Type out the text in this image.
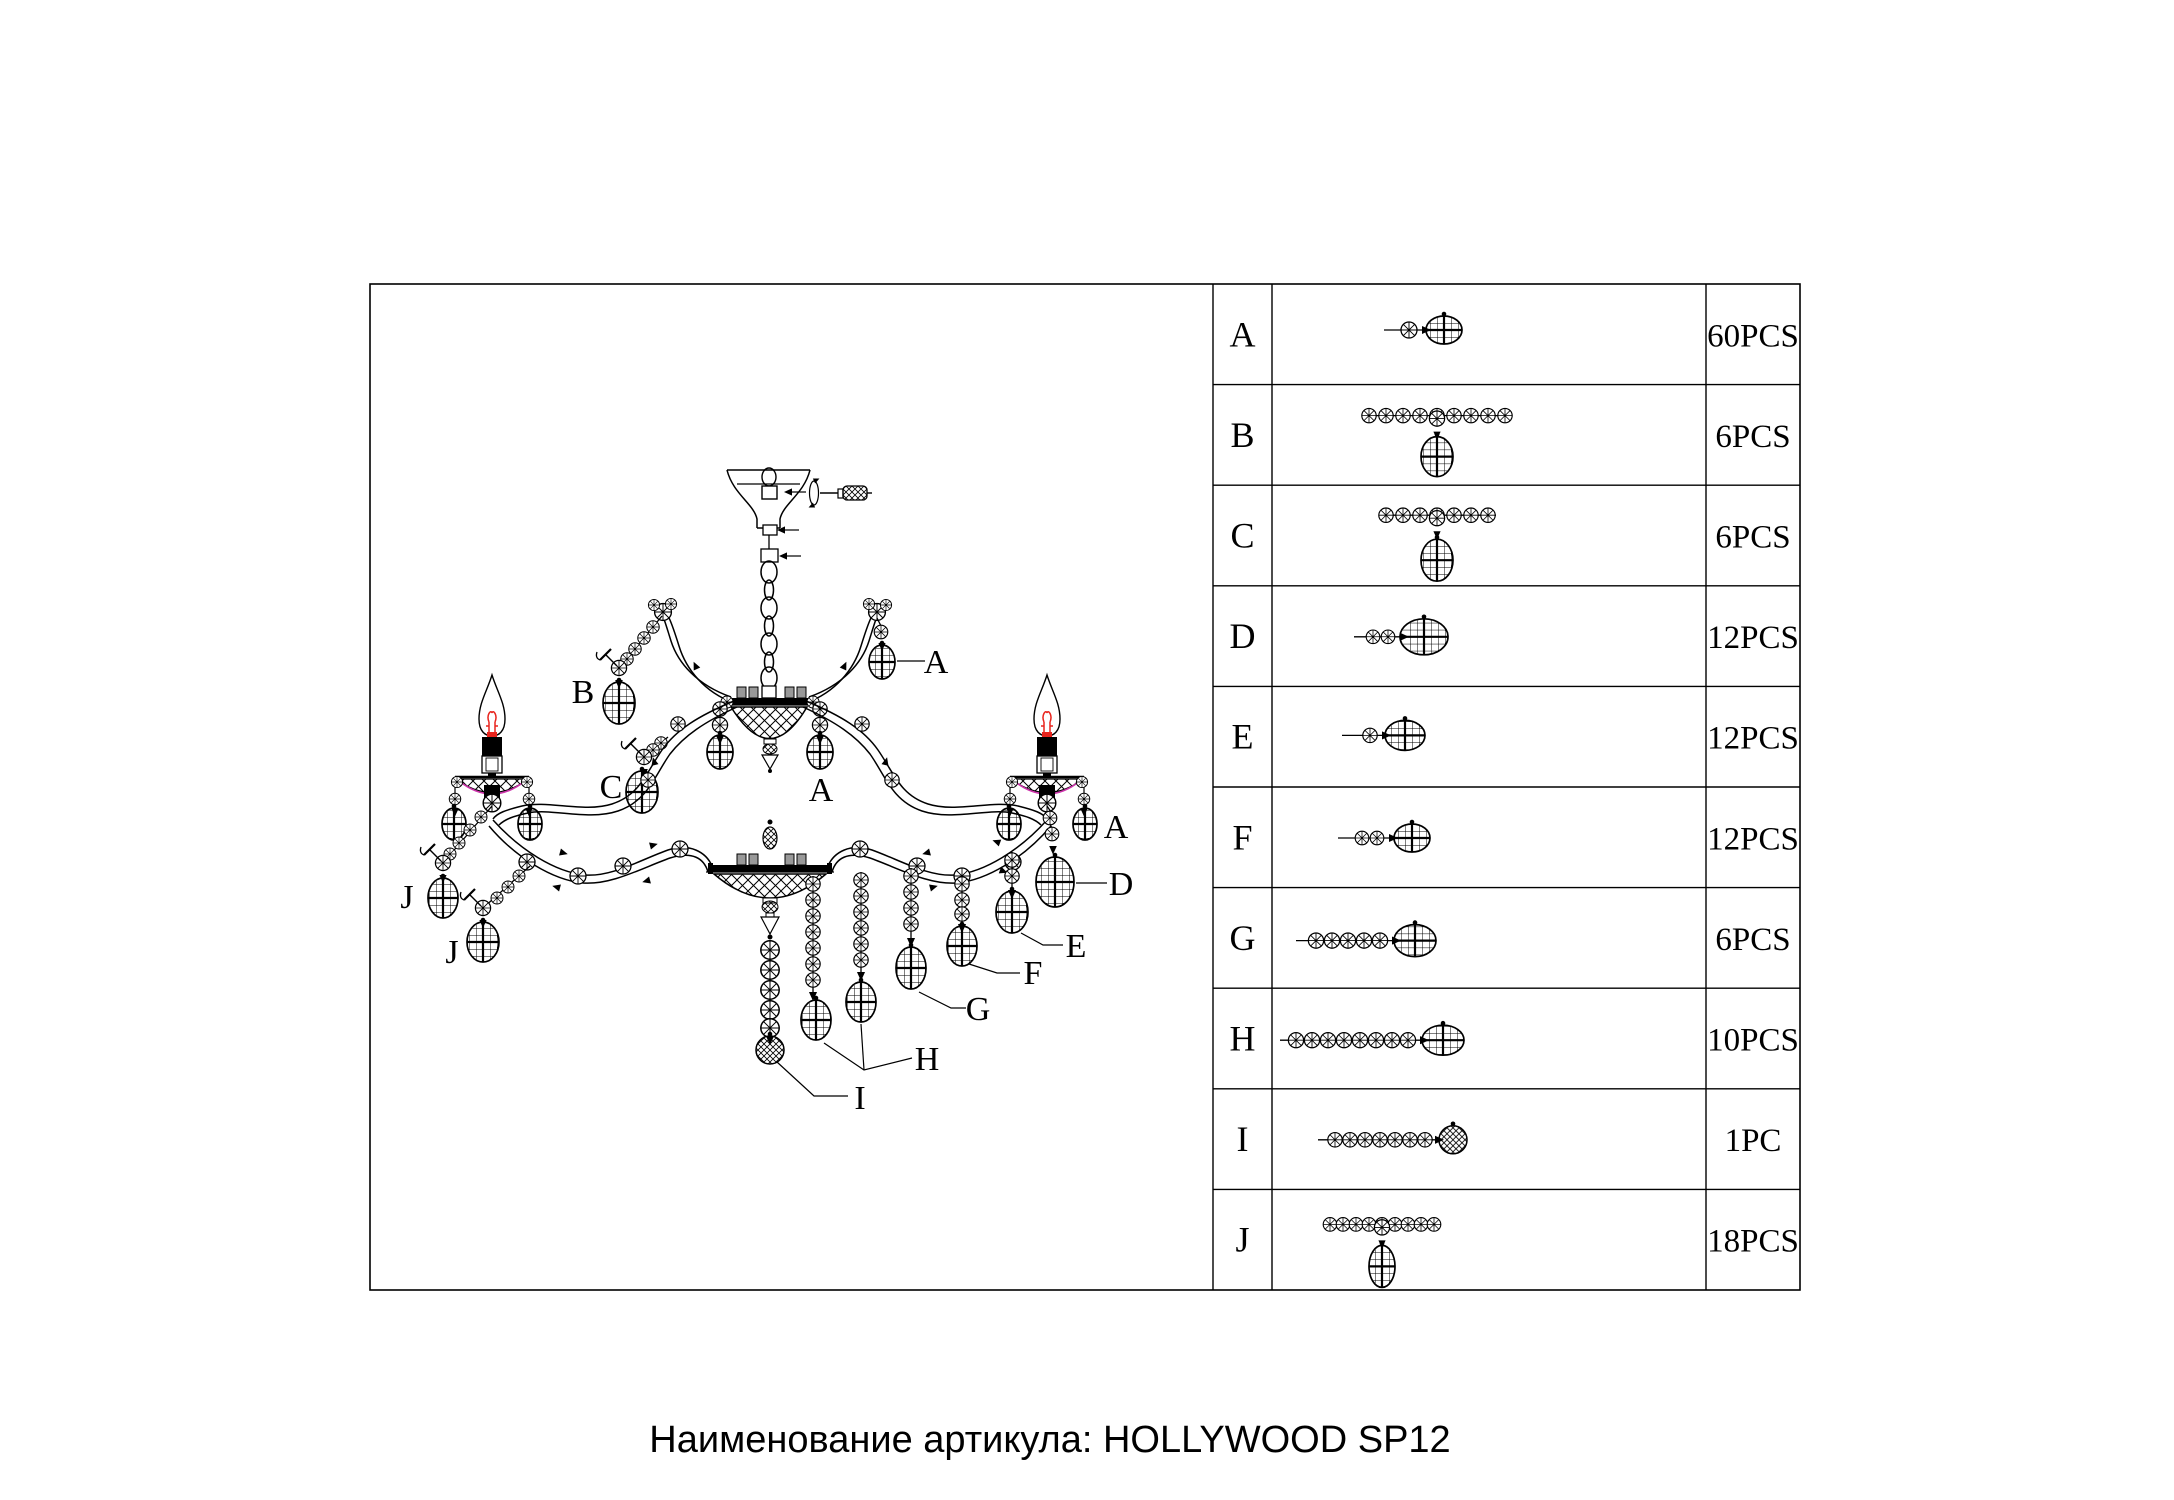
A	60PCS
B	6PCS
C	6PCS
D	12PCS
E	12PCS
F	12PCS
G	6PCS
H	10PCS
I	1PC
J	18PCS
A
A
A
B
C
J
J
D
E
F
G
H
I
Наименование артикула: HOLLYWOOD SP12
